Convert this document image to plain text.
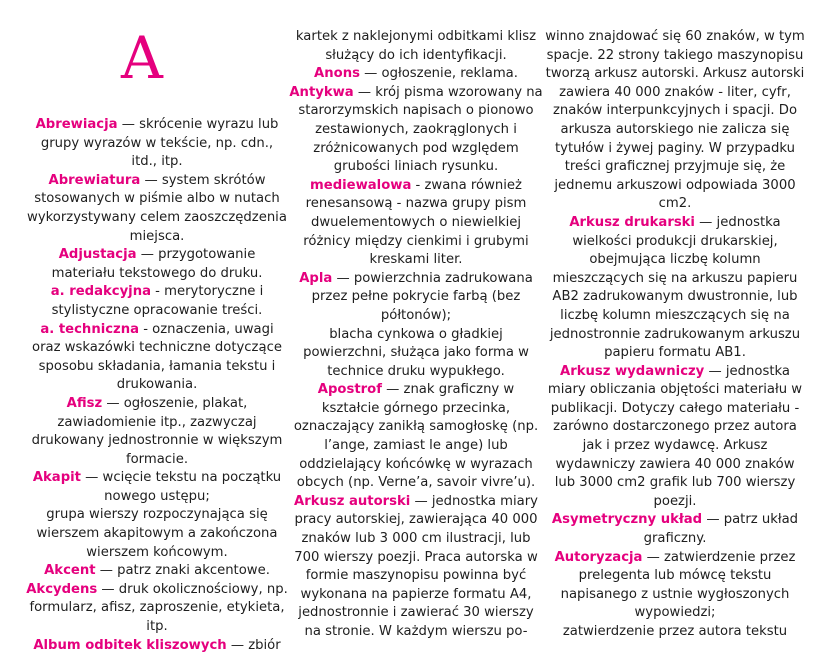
A

Abrewiacja — skrócenie wyrazu lub grupy wyrazów w tekście, np. cdn., itd., itp.

Abrewiatura — system skrótów stosowanych w piśmie albo w nutach wykorzystywany celem zaoszczędzenia miejsca.

Adjustacja — przygotowanie materiału tekstowego do druku.

a. redakcyjna - merytoryczne i stylistyczne opracowanie treści.

a. techniczna - oznaczenia, uwagi oraz wskazówki techniczne dotyczące sposobu składania, łamania tekstu i drukowania.

Afisz — ogłoszenie, plakat, zawiadomienie itp., zazwyczaj drukowany jednostronnie w większym formacie.

Akapit — wcięcie tekstu na początku nowego ustępu;

grupa wierszy rozpoczynająca się wierszem akapitowym a zakończona wierszem końcowym.

Akcent — patrz znaki akcentowe.

Akcydens — druk okolicznościowy, np. formularz, afisz, zaproszenie, etykieta, itp.

Album odbitek kliszowych — zbiór

kartek z naklejonymi odbitkami klisz służący do ich identyfikacji.

Anons — ogłoszenie, reklama.

Antykwa — krój pisma wzorowany na starorzymskich napisach o pionowo zestawionych, zaokrąglonych i zróżnicowanych pod względem grubości liniach rysunku.

mediewalowa - zwana również renesansową - nazwa grupy pism dwuelementowych o niewielkiej różnicy między cienkimi i grubymi kreskami liter.

Apla — powierzchnia zadrukowana przez pełne pokrycie farbą (bez półtonów);

blacha cynkowa o gładkiej powierzchni, służąca jako forma w technice druku wypukłego.

Apostrof — znak graficzny w kształcie górnego przecinka, oznaczający zanikłą samogłoskę (np. l’ange, zamiast le ange) lub oddzielający końcówkę w wyrazach obcych (np. Verne’a, savoir vivre’u).

Arkusz autorski — jednostka miary pracy autorskiej, zawierająca 40 000 znaków lub 3 000 cm ilustracji, lub 700 wierszy poezji. Praca autorska w formie maszynopisu powinna być wykonana na papierze formatu A4, jednostronnie i zawierać 30 wierszy na stronie. W każdym wierszu po-

winno znajdować się 60 znaków, w tym spacje. 22 strony takiego maszynopisu tworzą arkusz autorski. Arkusz autorski zawiera 40 000 znaków - liter, cyfr, znaków interpunkcyjnych i spacji. Do arkusza autorskiego nie zalicza się tytułów i żywej paginy. W przypadku treści graficznej przyjmuje się, że jednemu arkuszowi odpowiada 3000 cm2.

Arkusz drukarski — jednostka wielkości produkcji drukarskiej, obejmująca liczbę kolumn mieszczących się na arkuszu papieru AB2 zadrukowanym dwustronnie, lub liczbę kolumn mieszczących się na jednostronnie zadrukowanym arkuszu papieru formatu AB1.

Arkusz wydawniczy — jednostka miary obliczania objętości materiału w publikacji. Dotyczy całego materiału - zarówno dostarczonego przez autora jak i przez wydawcę. Arkusz wydawniczy zawiera 40 000 znaków lub 3000 cm2 grafik lub 700 wierszy poezji.

Asymetryczny układ — patrz układ graficzny.

Autoryzacja — zatwierdzenie przez prelegenta lub mówcę tekstu napisanego z ustnie wygłoszonych wypowiedzi;

zatwierdzenie przez autora tekstu
